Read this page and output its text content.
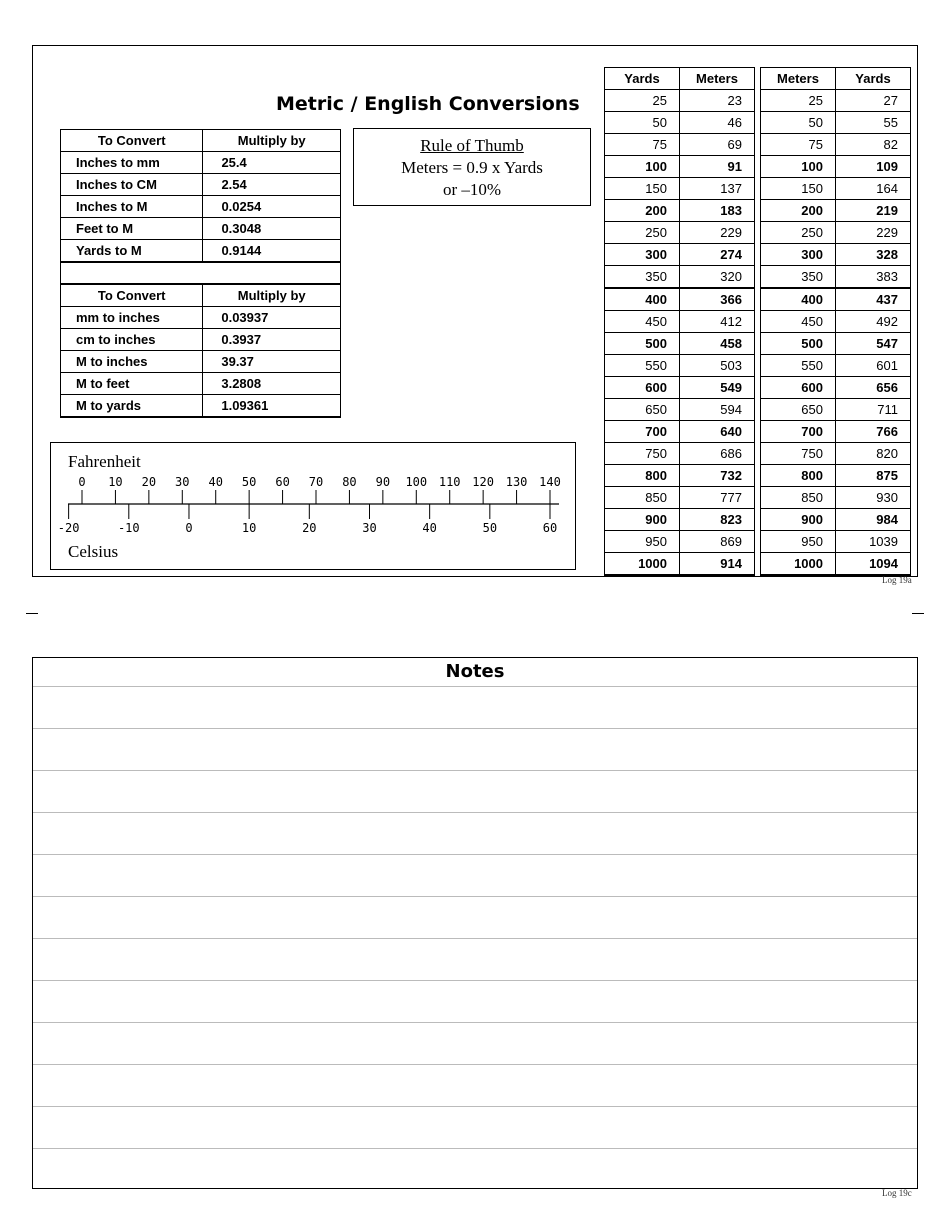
Metric / English Conversions
To Convert	Multiply by
Inches to mm	25.4
Inches to CM	2.54
Inches to M	0.0254
Feet to M	0.3048
Yards to M	0.9144
To Convert	Multiply by
mm to inches	0.03937
cm to inches	0.3937
M to inches	39.37
M to feet	3.2808
M to yards	1.09361
Rule of Thumb
Meters = 0.9 x Yards
or –10%
Yards	Meters
25	23
50	46
75	69
100	91
150	137
200	183
250	229
300	274
350	320
400	366
450	412
500	458
550	503
600	549
650	594
700	640
750	686
800	732
850	777
900	823
950	869
1000	914
Meters	Yards
25	27
50	55
75	82
100	109
150	164
200	219
250	229
300	328
350	383
400	437
450	492
500	547
550	601
600	656
650	711
700	766
750	820
800	875
850	930
900	984
950	1039
1000	1094
Fahrenheit
Celsius
0 10 20 30 40 50 60 70 80 90 100 110 120 130 140
-20	-10	0	10	20	30	40	50	60
Log 19a
Notes
Log 19c
